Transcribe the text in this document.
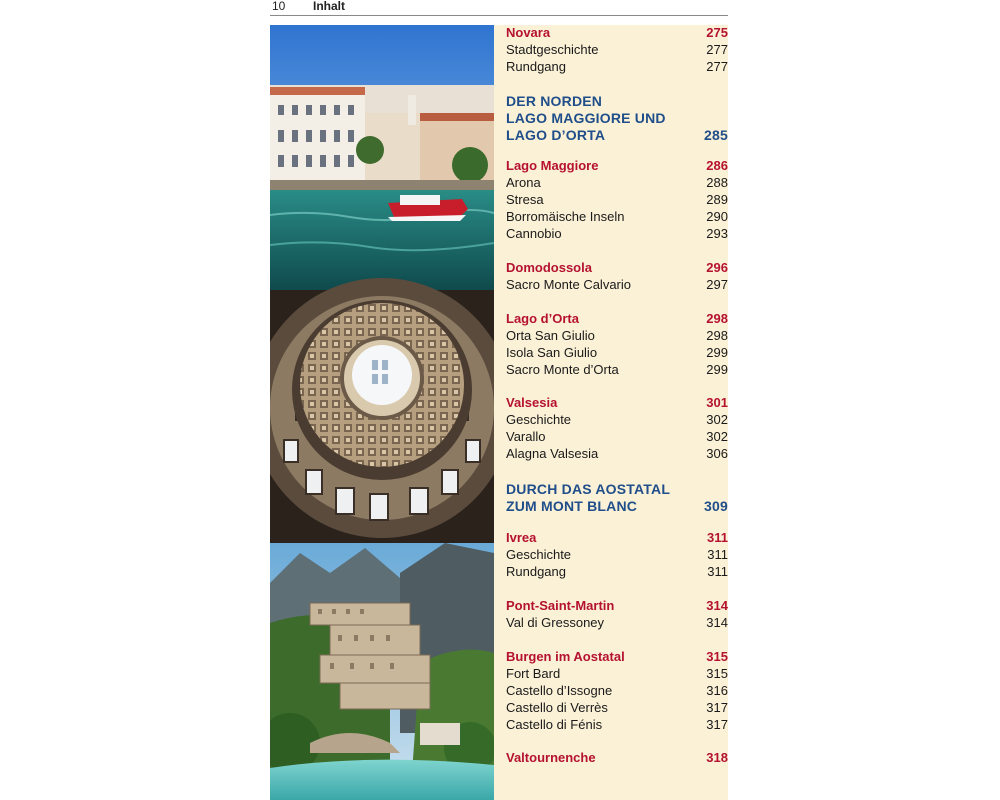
10 Inhalt
Novara	275
Stadtgeschichte	277
Rundgang	277
DER NORDEN
LAGO MAGGIORE UND
LAGO D’ORTA	285
Lago Maggiore	286
Arona	288
Stresa	289
Borromäische Inseln	290
Cannobio	293
Domodossola	296
Sacro Monte Calvario	297
Lago d’Orta	298
Orta San Giulio	298
Isola San Giulio	299
Sacro Monte d’Orta	299
Valsesia	301
Geschichte	302
Varallo	302
Alagna Valsesia	306
DURCH DAS AOSTATAL
ZUM MONT BLANC	309
Ivrea	311
Geschichte	311
Rundgang	311
Pont-Saint-Martin	314
Val di Gressoney	314
Burgen im Aostatal	315
Fort Bard	315
Castello d’Issogne	316
Castello di Verrès	317
Castello di Fénis	317
Valtournenche	318
